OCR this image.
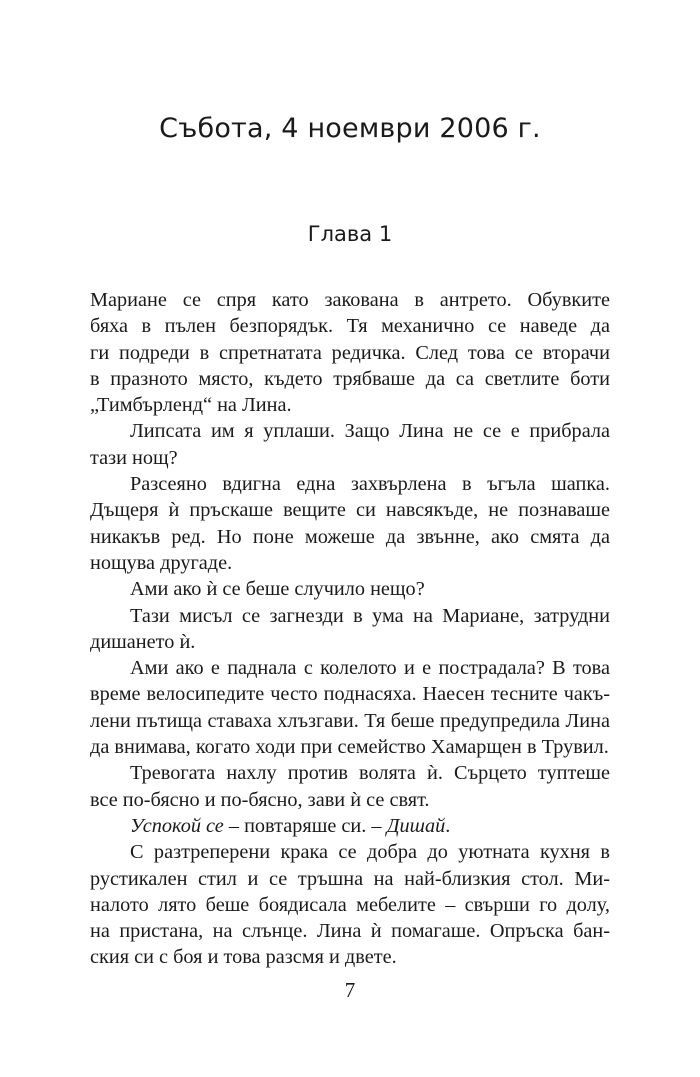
Събота, 4 ноември 2006 г.
Глава 1

Мариане се спря като закована в антрето. Обувките
бяха в пълен безпорядък. Тя механично се наведе да
ги подреди в спретнатата редичка. След това се вторачи
в празното място, където трябваше да са светлите боти
„Тимбърленд“ на Лина.

Липсата им я уплаши. Защо Лина не се е прибрала
тази нощ?

Разсеяно вдигна една захвърлена в ъгъла шапка.
Дъщеря ѝ пръскаше вещите си навсякъде, не познаваше
никакъв ред. Но поне можеше да звънне, ако смята да
нощува другаде.

Ами ако ѝ се беше случило нещо?

Тази мисъл се загнезди в ума на Мариане, затрудни
дишането ѝ.

Ами ако е паднала с колелото и е пострадала? В това
време велосипедите често поднасяха. Наесен тесните чакъ-
лени пътища ставаха хлъзгави. Тя беше предупредила Лина
да внимава, когато ходи при семейство Хамарщен в Трувил.

Тревогата нахлу против волята ѝ. Сърцето туптеше
все по-бясно и по-бясно, зави ѝ се свят.

Успокой се – повтаряше си. – Дишай.

С разтреперени крака се добра до уютната кухня в
рустикален стил и се тръшна на най-близкия стол. Ми-
налото лято беше боядисала мебелите – свърши го долу,
на пристана, на слънце. Лина ѝ помагаше. Опръска бан-
ския си с боя и това разсмя и двете.

7
